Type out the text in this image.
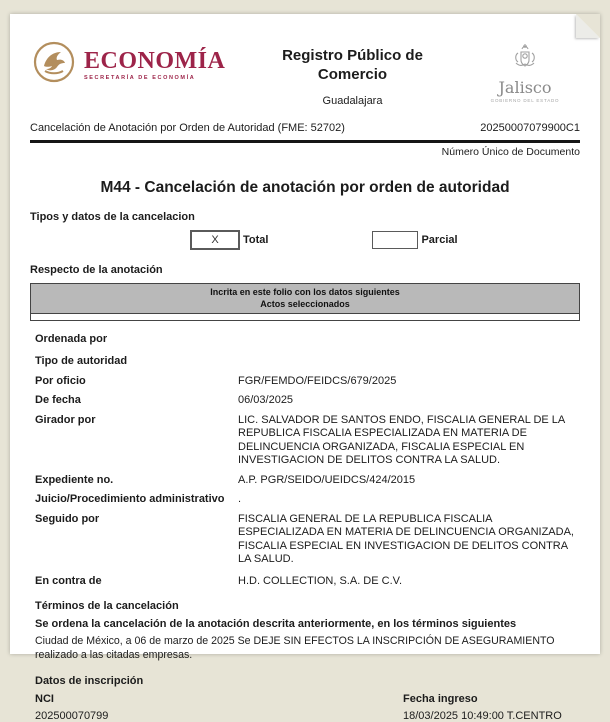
ECONOMÍA
SECRETARÍA DE ECONOMÍA
Registro Público de
Comercio
Guadalajara
Jalisco
GOBIERNO DEL ESTADO
Cancelación de Anotación por Orden de Autoridad (FME: 52702)	20250007079900C1
Número Único de Documento
M44 - Cancelación de anotación por orden de autoridad
Tipos y datos de la cancelacion
X	Total	Parcial
Respecto de la anotación
Incrita en este folio con los datos siguientes
Actos seleccionados
Ordenada por
Tipo de autoridad
Por oficio	FGR/FEMDO/FEIDCS/679/2025
De fecha	06/03/2025
Girador por	LIC. SALVADOR DE SANTOS ENDO, FISCALIA GENERAL DE LA REPUBLICA FISCALIA ESPECIALIZADA EN MATERIA DE DELINCUENCIA ORGANIZADA, FISCALIA ESPECIAL EN INVESTIGACION DE DELITOS CONTRA LA SALUD.
Expediente no.	A.P. PGR/SEIDO/UEIDCS/424/2015
Juicio/Procedimiento administrativo	.
Seguido por	FISCALIA GENERAL DE LA REPUBLICA FISCALIA ESPECIALIZADA EN MATERIA DE DELINCUENCIA ORGANIZADA, FISCALIA ESPECIAL EN INVESTIGACION DE DELITOS CONTRA LA SALUD.
En contra de	H.D. COLLECTION, S.A. DE C.V.
Términos de la cancelación
Se ordena la cancelación de la anotación descrita anteriormente, en los términos siguientes
Ciudad de México, a 06 de marzo de 2025 Se DEJE SIN EFECTOS LA INSCRIPCIÓN DE ASEGURAMIENTO realizado a las citadas empresas.
Datos de inscripción
NCI
202500070799
Fecha ingreso
18/03/2025 10:49:00 T.CENTRO
